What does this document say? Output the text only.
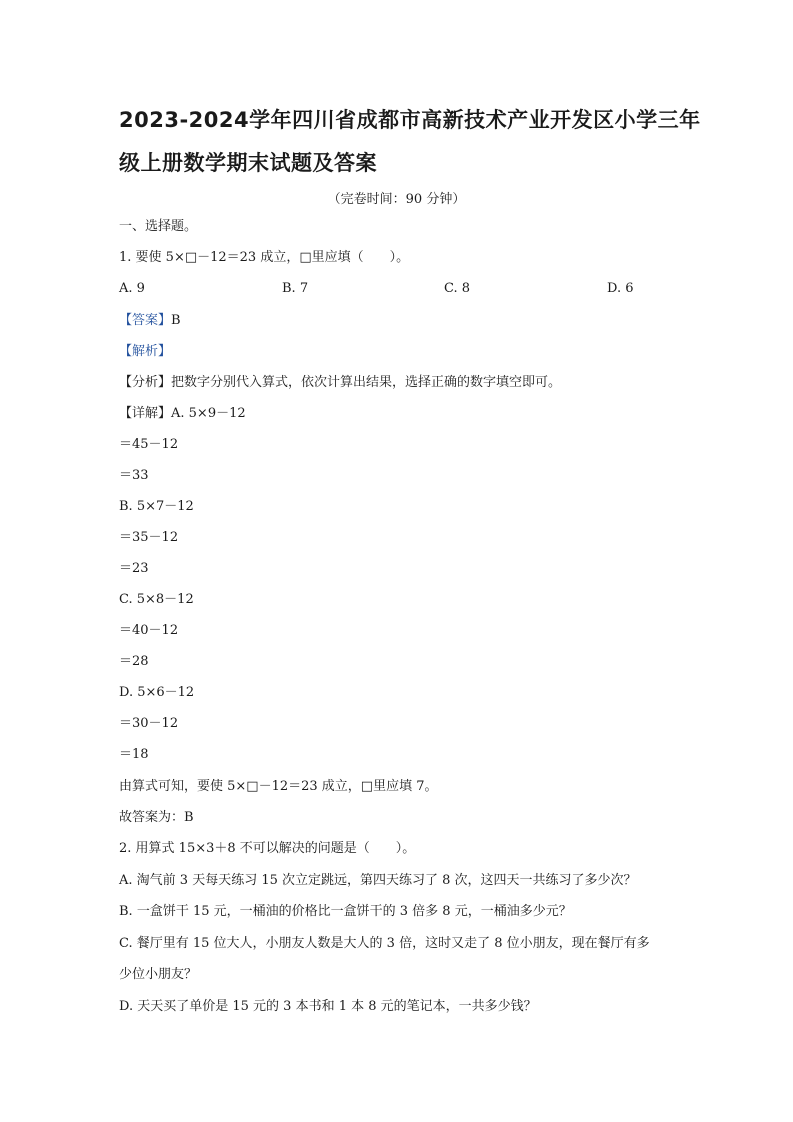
2023-2024学年四川省成都市高新技术产业开发区小学三年
级上册数学期末试题及答案
（完卷时间：90 分钟）
一、选择题。
1. 要使 5×□－12＝23 成立，□里应填（　　）。
A. 9	B. 7	C. 8	D. 6
【答案】B
【解析】
【分析】把数字分别代入算式，依次计算出结果，选择正确的数字填空即可。
【详解】A. 5×9－12
＝45－12
＝33
B. 5×7－12
＝35－12
＝23
C. 5×8－12
＝40－12
＝28
D. 5×6－12
＝30－12
＝18
由算式可知，要使 5×□－12＝23 成立，□里应填 7。
故答案为：B
2. 用算式 15×3＋8 不可以解决的问题是（　　）。
A. 淘气前 3 天每天练习 15 次立定跳远，第四天练习了 8 次，这四天一共练习了多少次？
B. 一盒饼干 15 元，一桶油的价格比一盒饼干的 3 倍多 8 元，一桶油多少元？
C. 餐厅里有 15 位大人，小朋友人数是大人的 3 倍，这时又走了 8 位小朋友，现在餐厅有多
少位小朋友？
D. 天天买了单价是 15 元的 3 本书和 1 本 8 元的笔记本，一共多少钱？
